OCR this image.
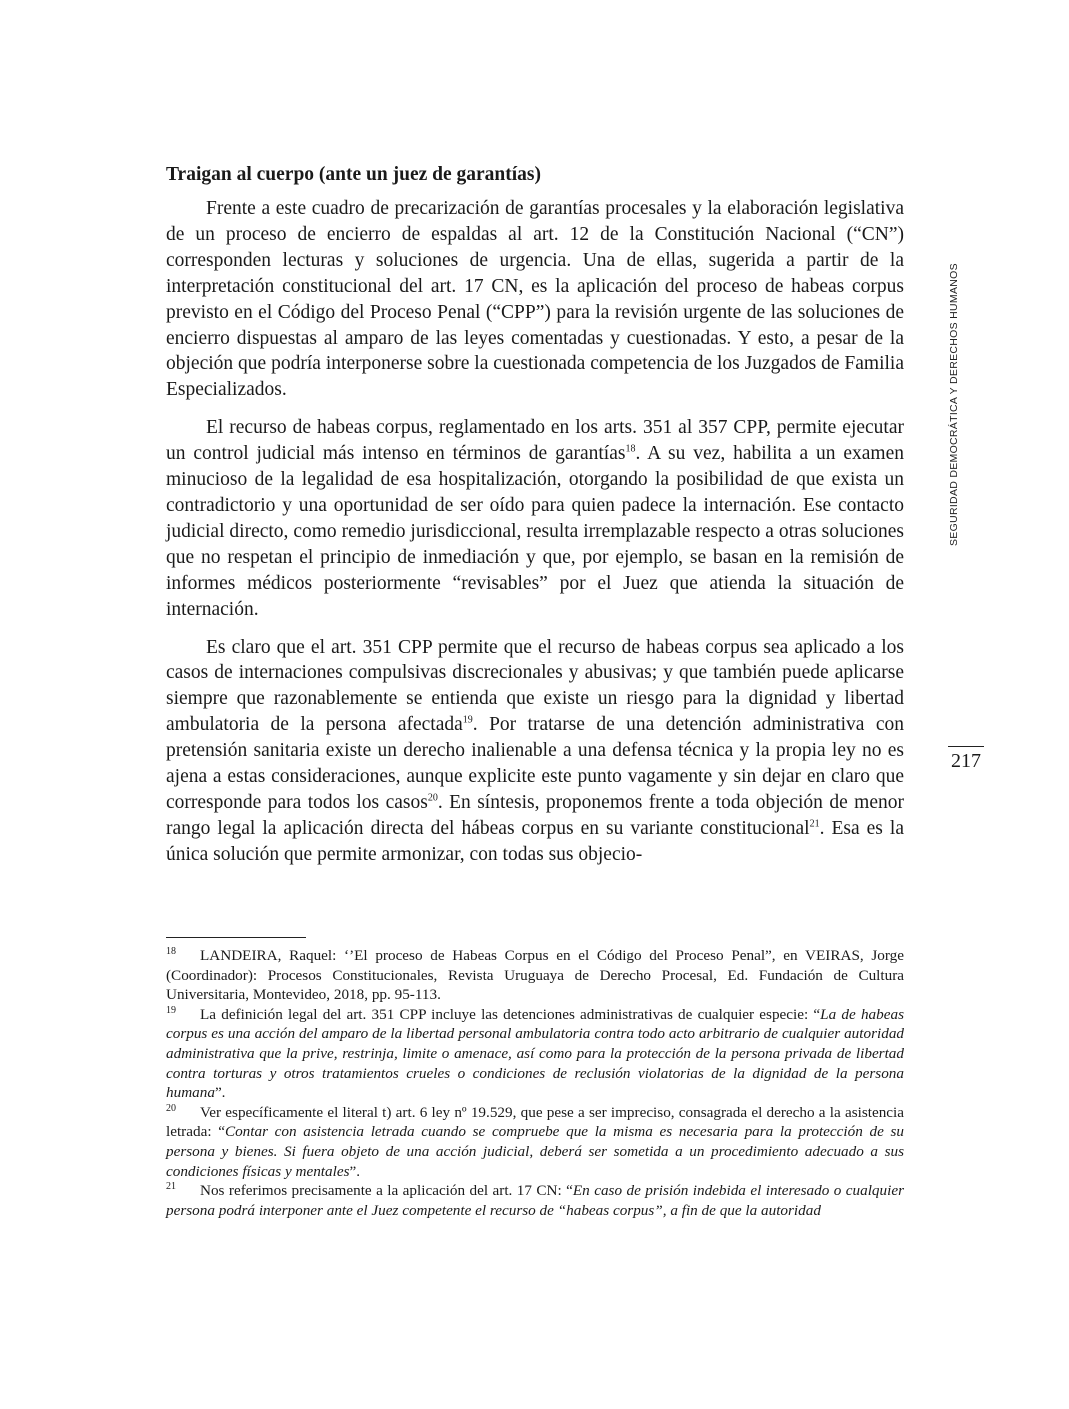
Traigan al cuerpo (ante un juez de garantías)

Frente a este cuadro de precarización de garantías procesales y la elaboración legislativa de un proceso de encierro de espaldas al art. 12 de la Constitución Nacional (“CN”) corresponden lecturas y soluciones de urgencia. Una de ellas, sugerida a partir de la interpretación constitucional del art. 17 CN, es la aplicación del proceso de habeas corpus previsto en el Código del Proceso Penal (“CPP”) para la revisión urgente de las soluciones de encierro dispuestas al amparo de las leyes comentadas y cuestionadas. Y esto, a pesar de la objeción que podría interponerse sobre la cuestionada competencia de los Juzgados de Familia Especializados.

El recurso de habeas corpus, reglamentado en los arts. 351 al 357 CPP, permite ejecutar un control judicial más intenso en términos de garantías$^{18}$. A su vez, habilita a un examen minucioso de la legalidad de esa hospitalización, otorgando la posibilidad de que exista un contradictorio y una oportunidad de ser oído para quien padece la internación. Ese contacto judicial directo, como remedio jurisdiccional, resulta irremplazable respecto a otras soluciones que no respetan el principio de inmediación y que, por ejemplo, se basan en la remisión de informes médicos posteriormente “revisables” por el Juez que atienda la situación de internación.

Es claro que el art. 351 CPP permite que el recurso de habeas corpus sea aplicado a los casos de internaciones compulsivas discrecionales y abusivas; y que también puede aplicarse siempre que razonablemente se entienda que existe un riesgo para la dignidad y libertad ambulatoria de la persona afectada$^{19}$. Por tratarse de una detención administrativa con pretensión sanitaria existe un derecho inalienable a una defensa técnica y la propia ley no es ajena a estas consideraciones, aunque explicite este punto vagamente y sin dejar en claro que corresponde para todos los casos$^{20}$. En síntesis, proponemos frente a toda objeción de menor rango legal la aplicación directa del hábeas corpus en su variante constitucional$^{21}$. Esa es la única solución que permite armonizar, con todas sus objecio-

SEGURIDAD DEMOCRÁTICA Y DERECHOS HUMANOS
217

18 LANDEIRA, Raquel: ‘’El proceso de Habeas Corpus en el Código del Proceso Penal”, en VEIRAS, Jorge (Coordinador): Procesos Constitucionales, Revista Uruguaya de Derecho Procesal, Ed. Fundación de Cultura Universitaria, Montevideo, 2018, pp. 95-113.

19 La definición legal del art. 351 CPP incluye las detenciones administrativas de cualquier especie: “La de habeas corpus es una acción del amparo de la libertad personal ambulatoria contra todo acto arbitrario de cualquier autoridad administrativa que la prive, restrinja, limite o amenace, así como para la protección de la persona privada de libertad contra torturas y otros tratamientos crueles o condiciones de reclusión violatorias de la dignidad de la persona humana”.

20 Ver específicamente el literal t) art. 6 ley nº 19.529, que pese a ser impreciso, consagrada el derecho a la asistencia letrada: “Contar con asistencia letrada cuando se compruebe que la misma es necesaria para la protección de su persona y bienes. Si fuera objeto de una acción judicial, deberá ser sometida a un procedimiento adecuado a sus condiciones físicas y mentales”.

21 Nos referimos precisamente a la aplicación del art. 17 CN: “En caso de prisión indebida el interesado o cualquier persona podrá interponer ante el Juez competente el recurso de “habeas corpus”, a fin de que la autoridad
